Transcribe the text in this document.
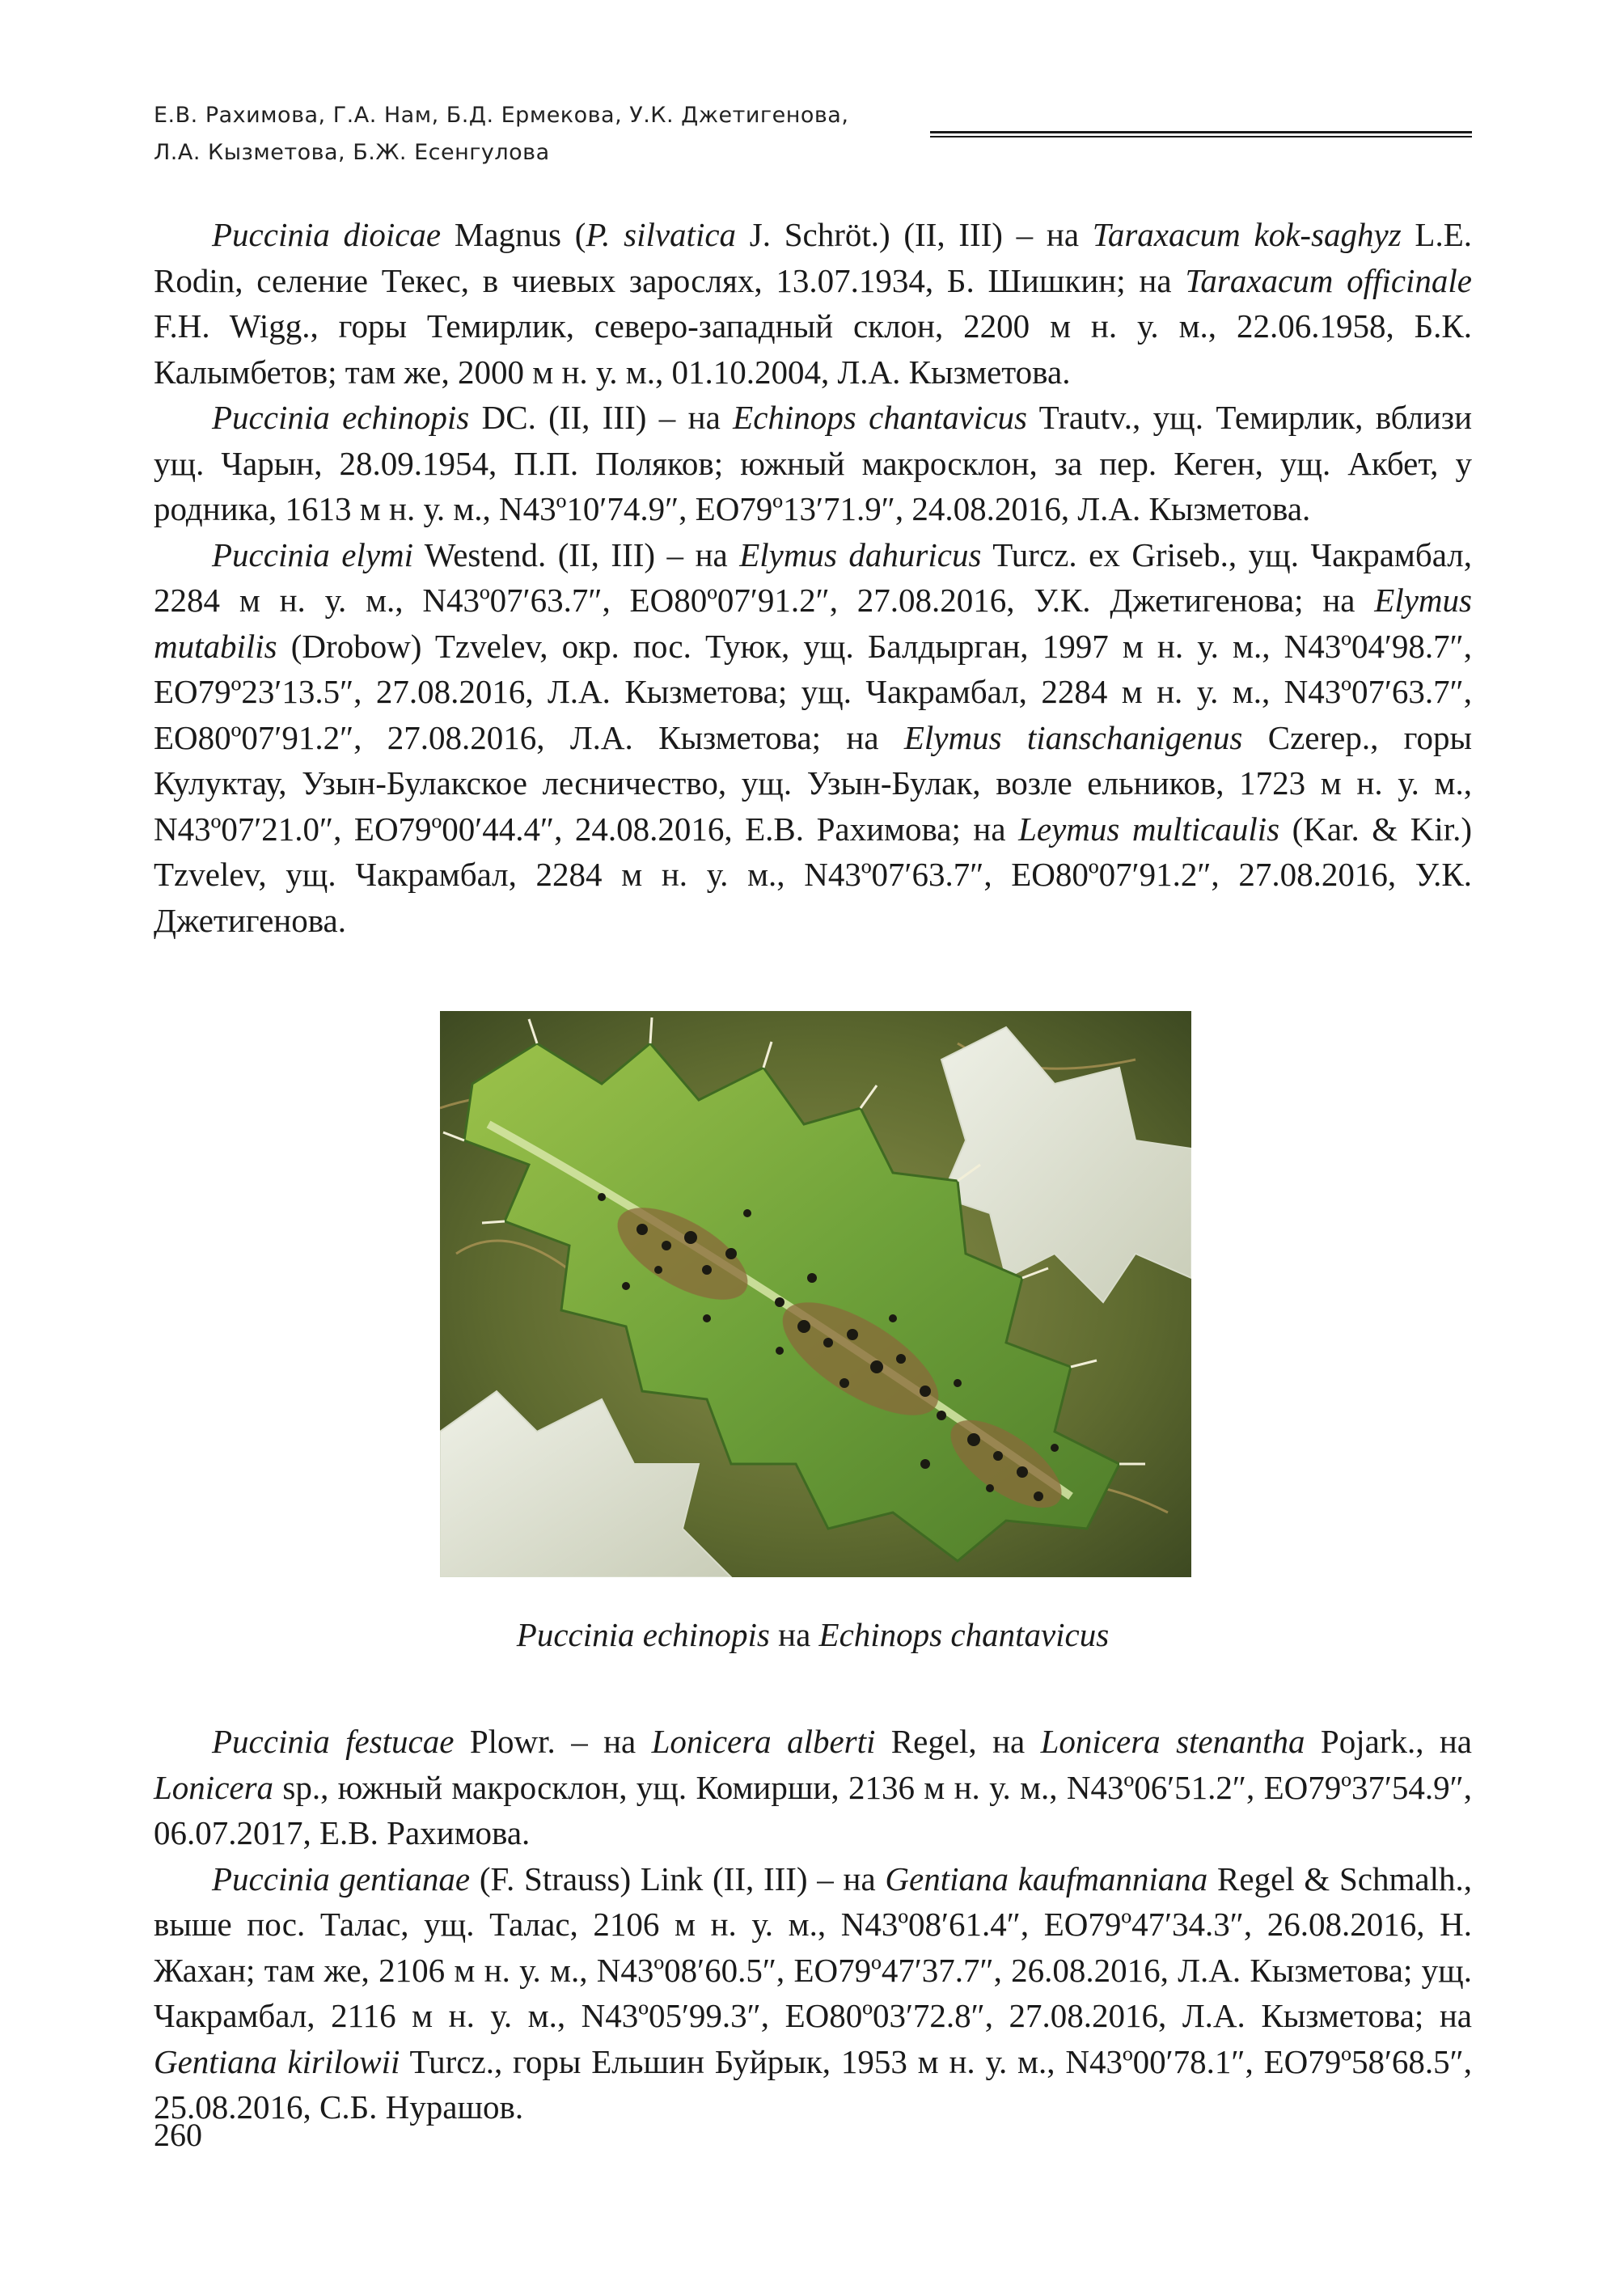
Е.В. Рахимова, Г.А. Нам, Б.Д. Ермекова, У.К. Джетигенова,
Л.А. Кызметова, Б.Ж. Есенгулова

Puccinia dioicae Magnus (P. silvatica J. Schröt.) (II, III) – на Taraxacum kok-saghyz L.E. Rodin, селение Текес, в чиевых зарослях, 13.07.1934, Б. Шишкин; на Taraxacum officinale F.H. Wigg., горы Темирлик, северо-западный склон, 2200 м н. у. м., 22.06.1958, Б.К. Калымбетов; там же, 2000 м н. у. м., 01.10.2004, Л.А. Кызметова.

Puccinia echinopis DC. (II, III) – на Echinops chantavicus Trautv., ущ. Темирлик, вблизи ущ. Чарын, 28.09.1954, П.П. Поляков; южный макросклон, за пер. Кеген, ущ. Акбет, у родника, 1613 м н. у. м., N43º10′74.9″, EO79º13′71.9″, 24.08.2016, Л.А. Кызметова.

Puccinia elymi Westend. (II, III) – на Elymus dahuricus Turcz. ex Griseb., ущ. Чакрамбал, 2284 м н. у. м., N43º07′63.7″, EO80º07′91.2″, 27.08.2016, У.К. Джетигенова; на Elymus mutabilis (Drobow) Tzvelev, окр. пос. Туюк, ущ. Балдырган, 1997 м н. у. м., N43º04′98.7″, EO79º23′13.5″, 27.08.2016, Л.А. Кызметова; ущ. Чакрамбал, 2284 м н. у. м., N43º07′63.7″, EO80º07′91.2″, 27.08.2016, Л.А. Кызметова; на Elymus tianschanigenus Czerep., горы Кулуктау, Узын-Булакское лесничество, ущ. Узын-Булак, возле ельников, 1723 м н. у. м., N43º07′21.0″, EO79º00′44.4″, 24.08.2016, Е.В. Рахимова; на Leymus multicaulis (Kar. & Kir.) Tzvelev, ущ. Чакрамбал, 2284 м н. у. м., N43º07′63.7″, EO80º07′91.2″, 27.08.2016, У.К. Джетигенова.

Puccinia echinopis на Echinops chantavicus

Puccinia festucae Plowr. – на Lonicera alberti Regel, на Lonicera stenantha Pojark., на Lonicera sp., южный макросклон, ущ. Комирши, 2136 м н. у. м., N43º06′51.2″, EO79º37′54.9″, 06.07.2017, Е.В. Рахимова.

Puccinia gentianae (F. Strauss) Link (II, III) – на Gentiana kaufmanniana Regel & Schmalh., выше пос. Талас, ущ. Талас, 2106 м н. у. м., N43º08′61.4″, EO79º47′34.3″, 26.08.2016, Н. Жахан; там же, 2106 м н. у. м., N43º08′60.5″, EO79º47′37.7″, 26.08.2016, Л.А. Кызметова; ущ. Чакрамбал, 2116 м н. у. м., N43º05′99.3″, EO80º03′72.8″, 27.08.2016, Л.А. Кызметова; на Gentiana kirilowii Turcz., горы Ельшин Буйрык, 1953 м н. у. м., N43º00′78.1″, EO79º58′68.5″, 25.08.2016, С.Б. Нурашов.

260
